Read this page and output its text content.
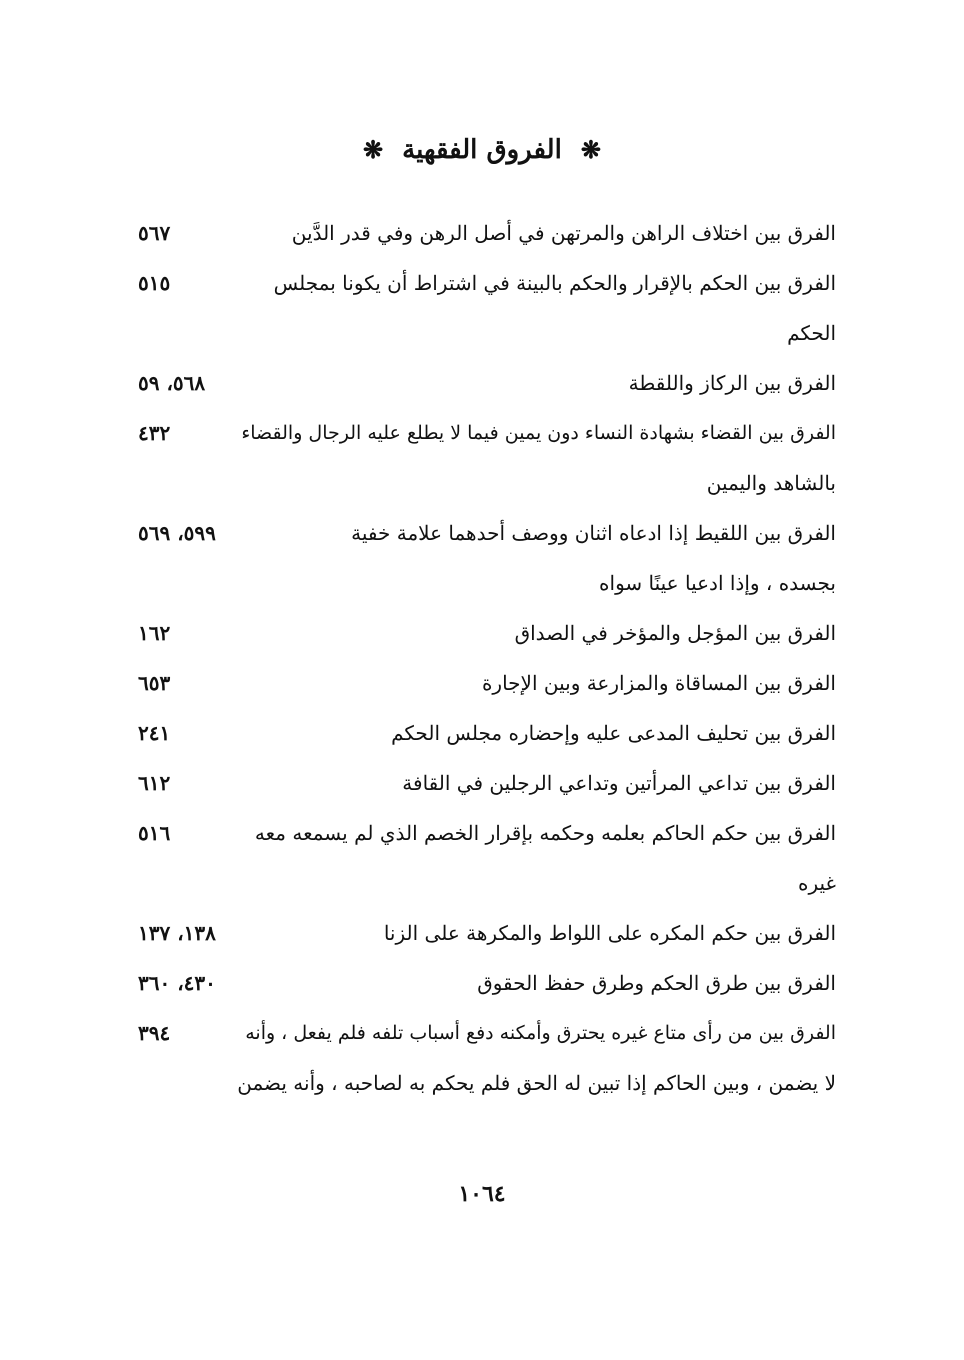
❋ الفروق الفقهية ❋
الفرق بين اختلاف الراهن والمرتهن في أصل الرهن وفي قدر الدَّين
٥٦٧
الفرق بين الحكم بالإقرار والحكم بالبينة في اشتراط أن يكونا بمجلس
٥١٥
الحكم
الفرق بين الركاز واللقطة
٥٦٨، ٥٩
الفرق بين القضاء بشهادة النساء دون يمين فيما لا يطلع عليه الرجال والقضاء
٤٣٢
بالشاهد واليمين
الفرق بين اللقيط إذا ادعاه اثنان ووصف أحدهما علامة خفية
٥٩٩، ٥٦٩
بجسده ، وإذا ادعيا عينًا سواه
الفرق بين المؤجل والمؤخر في الصداق
١٦٢
الفرق بين المساقاة والمزارعة وبين الإجارة
٦٥٣
الفرق بين تحليف المدعى عليه وإحضاره مجلس الحكم
٢٤١
الفرق بين تداعي المرأتين وتداعي الرجلين في القافة
٦١٢
الفرق بين حكم الحاكم بعلمه وحكمه بإقرار الخصم الذي لم يسمعه معه
٥١٦
غيره
الفرق بين حكم المكره على اللواط والمكرهة على الزنا
١٣٨، ١٣٧
الفرق بين طرق الحكم وطرق حفظ الحقوق
٤٣٠، ٣٦٠
الفرق بين من رأى متاع غيره يحترق وأمكنه دفع أسباب تلفه فلم يفعل ، وأنه
٣٩٤
لا يضمن ، وبين الحاكم إذا تبين له الحق فلم يحكم به لصاحبه ، وأنه يضمن
١٠٦٤
